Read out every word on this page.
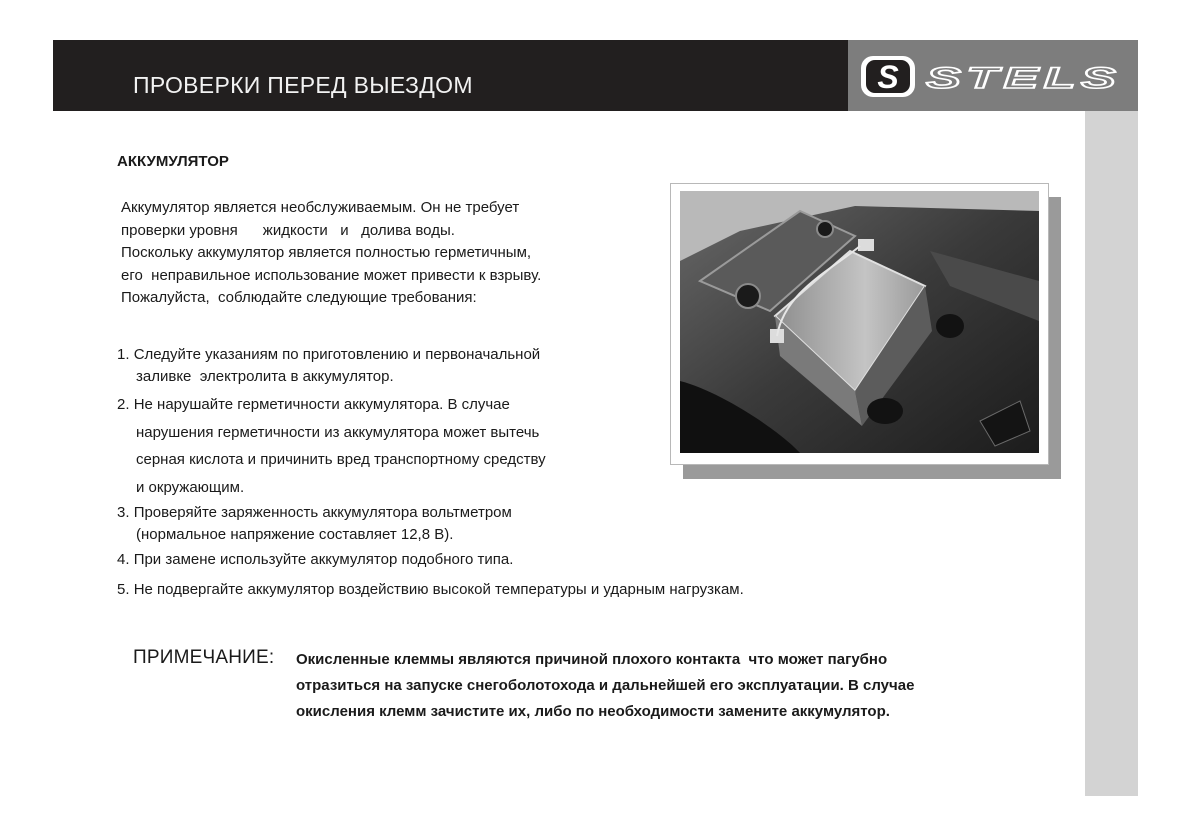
ПРОВЕРКИ ПЕРЕД ВЫЕЗДОМ	S STELS
АККУМУЛЯТОР
Аккумулятор является необслуживаемым. Он не требует
проверки уровня      жидкости   и   долива воды.
Поскольку аккумулятор является полностью герметичным,
его  неправильное использование может привести к взрыву.
Пожалуйста,  соблюдайте следующие требования:
1. Следуйте указаниям по приготовлению и первоначальной
заливке  электролита в аккумулятор.
2. Не нарушайте герметичности аккумулятора. В случае
нарушения герметичности из аккумулятора может вытечь
серная кислота и причинить вред транспортному средству
и окружающим.
3. Проверяйте заряженность аккумулятора вольтметром
(нормальное напряжение составляет 12,8 В).
4. При замене используйте аккумулятор подобного типа.
5. Не подвергайте аккумулятор воздействию высокой температуры и ударным нагрузкам.
ПРИМЕЧАНИЕ: Окисленные клеммы являются причиной плохого контакта  что может пагубно
отразиться на запуске снегоболотохода и дальнейшей его эксплуатации. В случае
окисления клемм зачистите их, либо по необходимости замените аккумулятор.
